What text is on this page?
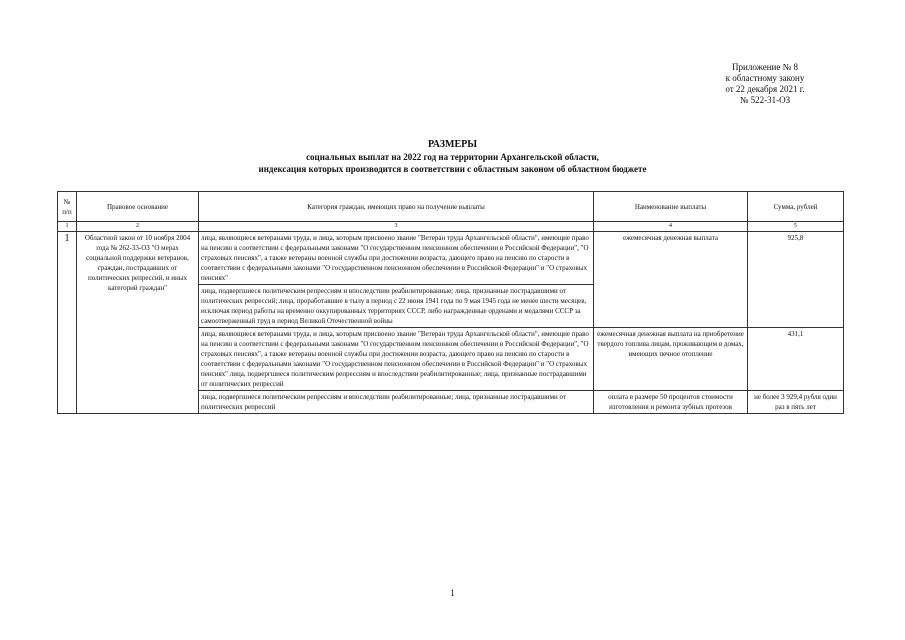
Приложение № 8
к областному закону
от 22 декабря 2021 г.
№ 522-31-ОЗ
РАЗМЕРЫ
социальных выплат на 2022 год на территории Архангельской области,
индексация которых производится в соответствии с областным законом об областном бюджете
№ п/п	Правовое основание	Категория граждан, имеющих право на получение выплаты	Наименование выплаты	Сумма, рублей
1	2	3	4	5
1	Областной закон от 10 ноября 2004 года № 262-33-ОЗ "О мерах социальной поддержки ветеранов, граждан, пострадавших от политических репрессий, и иных категорий граждан"	лица, являющиеся ветеранами труда, и лица, которым присвоено звание "Ветеран труда Архангельской области", имеющие право на пенсию в соответствии с федеральными законами "О государственном пенсионном обеспечении в Российской Федерации", "О страховых пенсиях", а также ветераны военной службы при достижении возраста, дающего право на пенсию по старости в соответствии с федеральными законами "О государственном пенсионном обеспечении в Российской Федерации" и "О страховых пенсиях"	ежемесячная денежная выплата	925,8
		лица, подвергшиеся политическим репрессиям и впоследствии реабилитированные; лица, признанные пострадавшими от политических репрессий; лица, проработавшие в тылу в период с 22 июня 1941 года по 9 мая 1945 года не менее шести месяцев, исключая период работы на временно оккупированных территориях СССР, либо награжденные орденами и медалями СССР за самоотверженный труд в период Великой Отечественной войны		
		лица, являющиеся ветеранами труда, и лица, которым присвоено звание "Ветеран труда Архангельской области", имеющие право на пенсию в соответствии с федеральными законами "О государственном пенсионном обеспечении в Российской Федерации", "О страховых пенсиях", а также ветераны военной службы при достижении возраста, дающего право на пенсию по старости в соответствии с федеральными законами "О государственном пенсионном обеспечении в Российской Федерации" и "О страховых пенсиях" лица, подвергшиеся политическим репрессиям и впоследствии реабилитированные; лица, признанные пострадавшими от политических репрессий	ежемесячная денежная выплата на приобретение твердого топлива лицам, проживающим в домах, имеющих печное отопление	431,1
		лица, подвергшиеся политическим репрессиям и впоследствии реабилитированные; лица, признанные пострадавшими от политических репрессий	оплата в размере 50 процентов стоимости изготовления и ремонта зубных протезов	не более 3 929,4 рубля один раз в пять лет
1
